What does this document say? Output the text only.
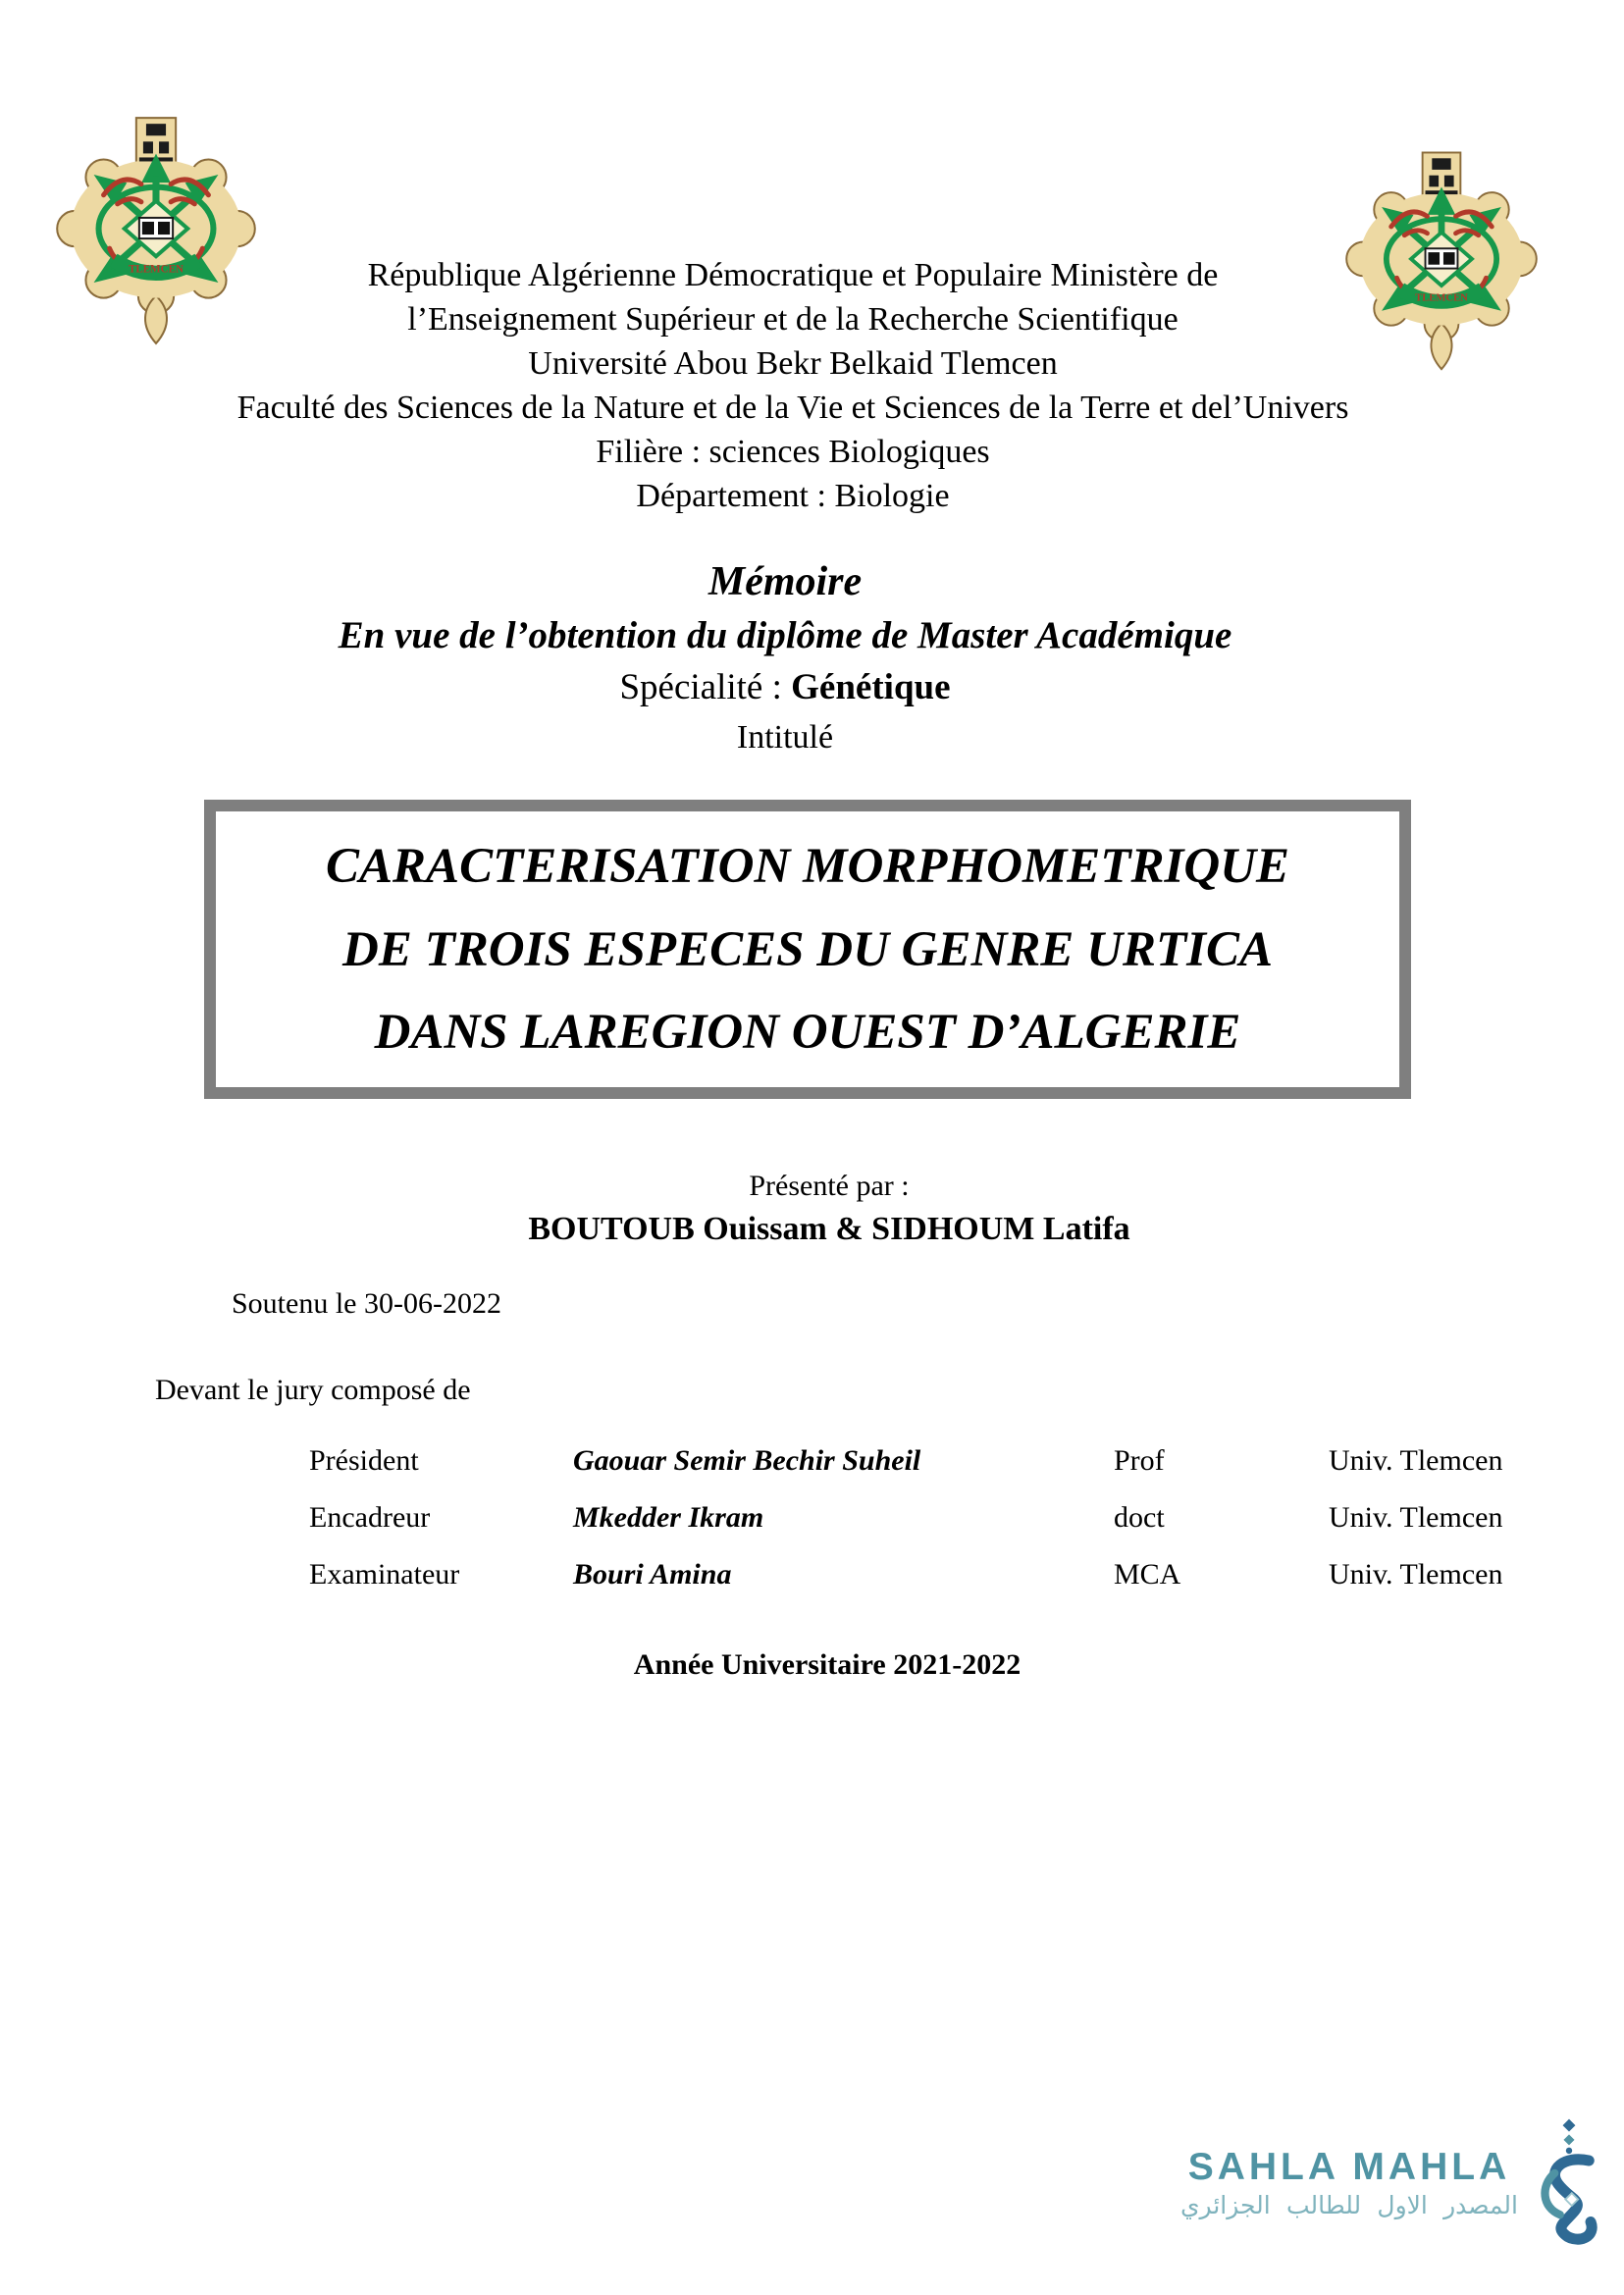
TLEMCEN
TLEMCEN
République Algérienne Démocratique et Populaire Ministère de
l’Enseignement Supérieur et de la Recherche Scientifique
Université Abou Bekr Belkaid Tlemcen
Faculté des Sciences de la Nature et de la Vie et Sciences de la Terre et del’Univers
Filière : sciences Biologiques
Département : Biologie
Mémoire
En vue de l’obtention du diplôme de Master Académique
Spécialité : Génétique
Intitulé
CARACTERISATION MORPHOMETRIQUE
DE TROIS ESPECES DU GENRE URTICA
DANS LAREGION OUEST D’ALGERIE
Présenté par :
BOUTOUB Ouissam & SIDHOUM Latifa
Soutenu le 30-06-2022
Devant le jury composé de
Président	Gaouar Semir Bechir Suheil	Prof	Univ. Tlemcen
Encadreur	Mkedder Ikram	doct	Univ. Tlemcen
Examinateur	Bouri Amina	MCA	Univ. Tlemcen
Année Universitaire 2021-2022
SAHLA MAHLA
المصدر الاول للطالب الجزائري
